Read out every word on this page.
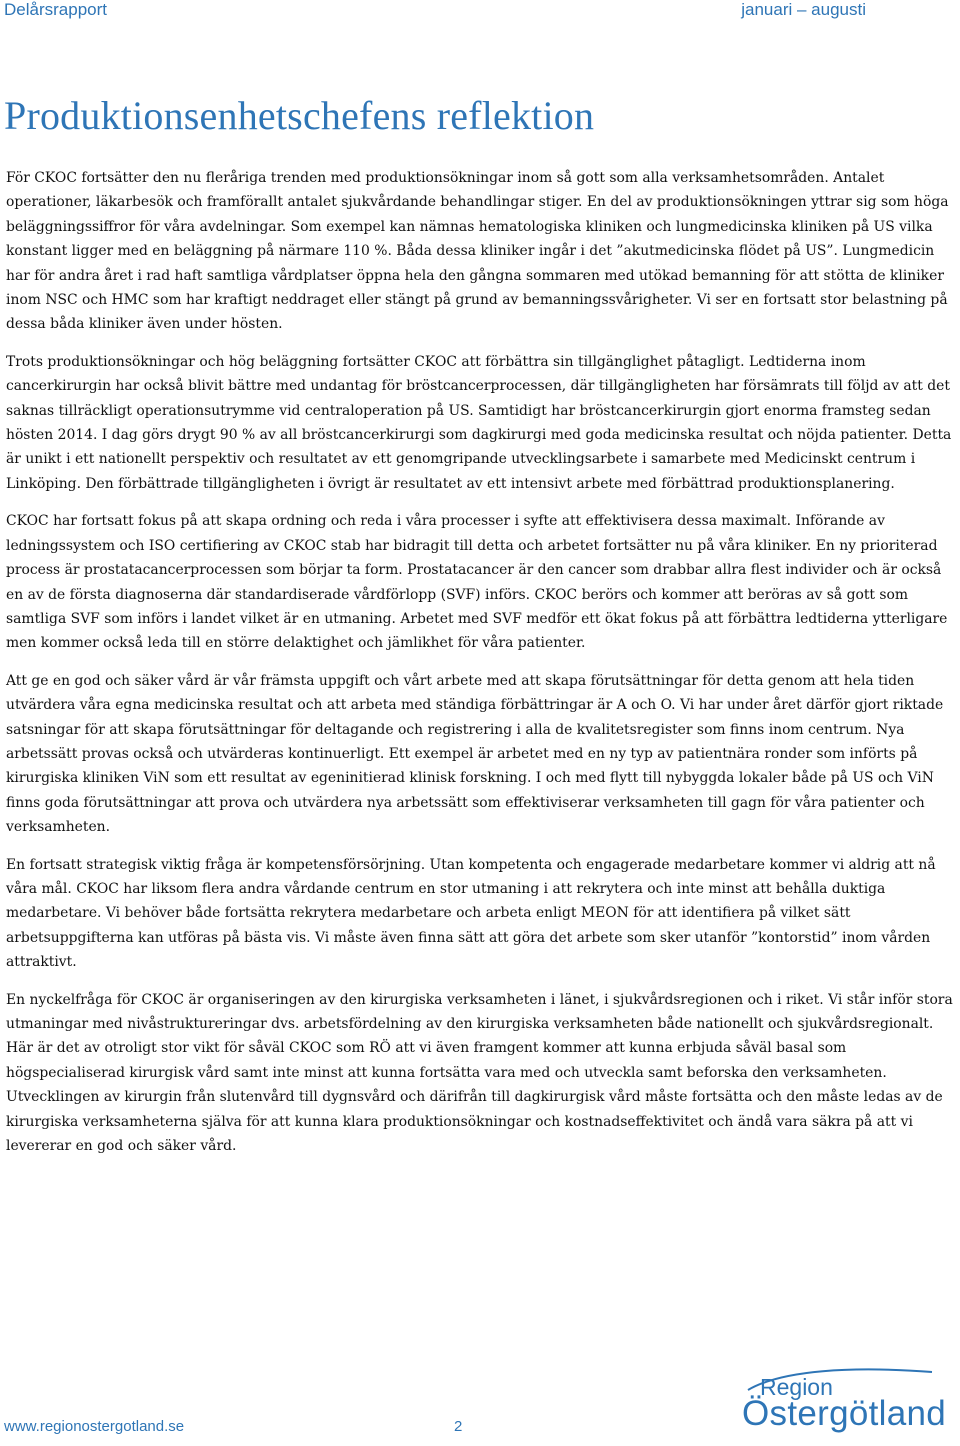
Delårsrapport	januari – augusti
Produktionsenhetschefens reflektion

För CKOC fortsätter den nu fleråriga trenden med produktionsökningar inom så gott som alla verksamhetsområden. Antalet operationer, läkarbesök och framförallt antalet sjukvårdande behandlingar stiger. En del av produktionsökningen yttrar sig som höga beläggningssiffror för våra avdelningar. Som exempel kan nämnas hematologiska kliniken och lungmedicinska kliniken på US vilka konstant ligger med en beläggning på närmare 110 %. Båda dessa kliniker ingår i det ”akutmedicinska flödet på US”. Lungmedicin har för andra året i rad haft samtliga vårdplatser öppna hela den gångna sommaren med utökad bemanning för att stötta de kliniker inom NSC och HMC som har kraftigt neddraget eller stängt på grund av bemanningssvårigheter. Vi ser en fortsatt stor belastning på dessa båda kliniker även under hösten.

Trots produktionsökningar och hög beläggning fortsätter CKOC att förbättra sin tillgänglighet påtagligt. Ledtiderna inom cancerkirurgin har också blivit bättre med undantag för bröstcancerprocessen, där tillgängligheten har försämrats till följd av att det saknas tillräckligt operationsutrymme vid centraloperation på US. Samtidigt har bröstcancerkirurgin gjort enorma framsteg sedan hösten 2014. I dag görs drygt 90 % av all bröstcancerkirurgi som dagkirurgi med goda medicinska resultat och nöjda patienter. Detta är unikt i ett nationellt perspektiv och resultatet av ett genomgripande utvecklingsarbete i samarbete med Medicinskt centrum i Linköping. Den förbättrade tillgängligheten i övrigt är resultatet av ett intensivt arbete med förbättrad produktionsplanering.

CKOC har fortsatt fokus på att skapa ordning och reda i våra processer i syfte att effektivisera dessa maximalt. Införande av ledningssystem och ISO certifiering av CKOC stab har bidragit till detta och arbetet fortsätter nu på våra kliniker. En ny prioriterad process är prostatacancerprocessen som börjar ta form. Prostatacancer är den cancer som drabbar allra flest individer och är också en av de första diagnoserna där standardiserade vårdförlopp (SVF) införs. CKOC berörs och kommer att beröras av så gott som samtliga SVF som införs i landet vilket är en utmaning. Arbetet med SVF medför ett ökat fokus på att förbättra ledtiderna ytterligare men kommer också leda till en större delaktighet och jämlikhet för våra patienter.

Att ge en god och säker vård är vår främsta uppgift och vårt arbete med att skapa förutsättningar för detta genom att hela tiden utvärdera våra egna medicinska resultat och att arbeta med ständiga förbättringar är A och O. Vi har under året därför gjort riktade satsningar för att skapa förutsättningar för deltagande och registrering i alla de kvalitetsregister som finns inom centrum. Nya arbetssätt provas också och utvärderas kontinuerligt. Ett exempel är arbetet med en ny typ av patientnära ronder som införts på kirurgiska kliniken ViN som ett resultat av egeninitierad klinisk forskning. I och med flytt till nybyggda lokaler både på US och ViN finns goda förutsättningar att prova och utvärdera nya arbetssätt som effektiviserar verksamheten till gagn för våra patienter och verksamheten.

En fortsatt strategisk viktig fråga är kompetensförsörjning. Utan kompetenta och engagerade medarbetare kommer vi aldrig att nå våra mål. CKOC har liksom flera andra vårdande centrum en stor utmaning i att rekrytera och inte minst att behålla duktiga medarbetare. Vi behöver både fortsätta rekrytera medarbetare och arbeta enligt MEON för att identifiera på vilket sätt arbetsuppgifterna kan utföras på bästa vis. Vi måste även finna sätt att göra det arbete som sker utanför ”kontorstid” inom vården attraktivt.

En nyckelfråga för CKOC är organiseringen av den kirurgiska verksamheten i länet, i sjukvårdsregionen och i riket. Vi står inför stora utmaningar med nivåstruktureringar dvs. arbetsfördelning av den kirurgiska verksamheten både nationellt och sjukvårdsregionalt. Här är det av otroligt stor vikt för såväl CKOC som RÖ att vi även framgent kommer att kunna erbjuda såväl basal som högspecialiserad kirurgisk vård samt inte minst att kunna fortsätta vara med och utveckla samt beforska den verksamheten. Utvecklingen av kirurgin från slutenvård till dygnsvård och därifrån till dagkirurgisk vård måste fortsätta och den måste ledas av de kirurgiska verksamheterna själva för att kunna klara produktionsökningar och kostnadseffektivitet och ändå vara säkra på att vi levererar en god och säker vård.

www.regionostergotland.se	2
Region
Östergötland
